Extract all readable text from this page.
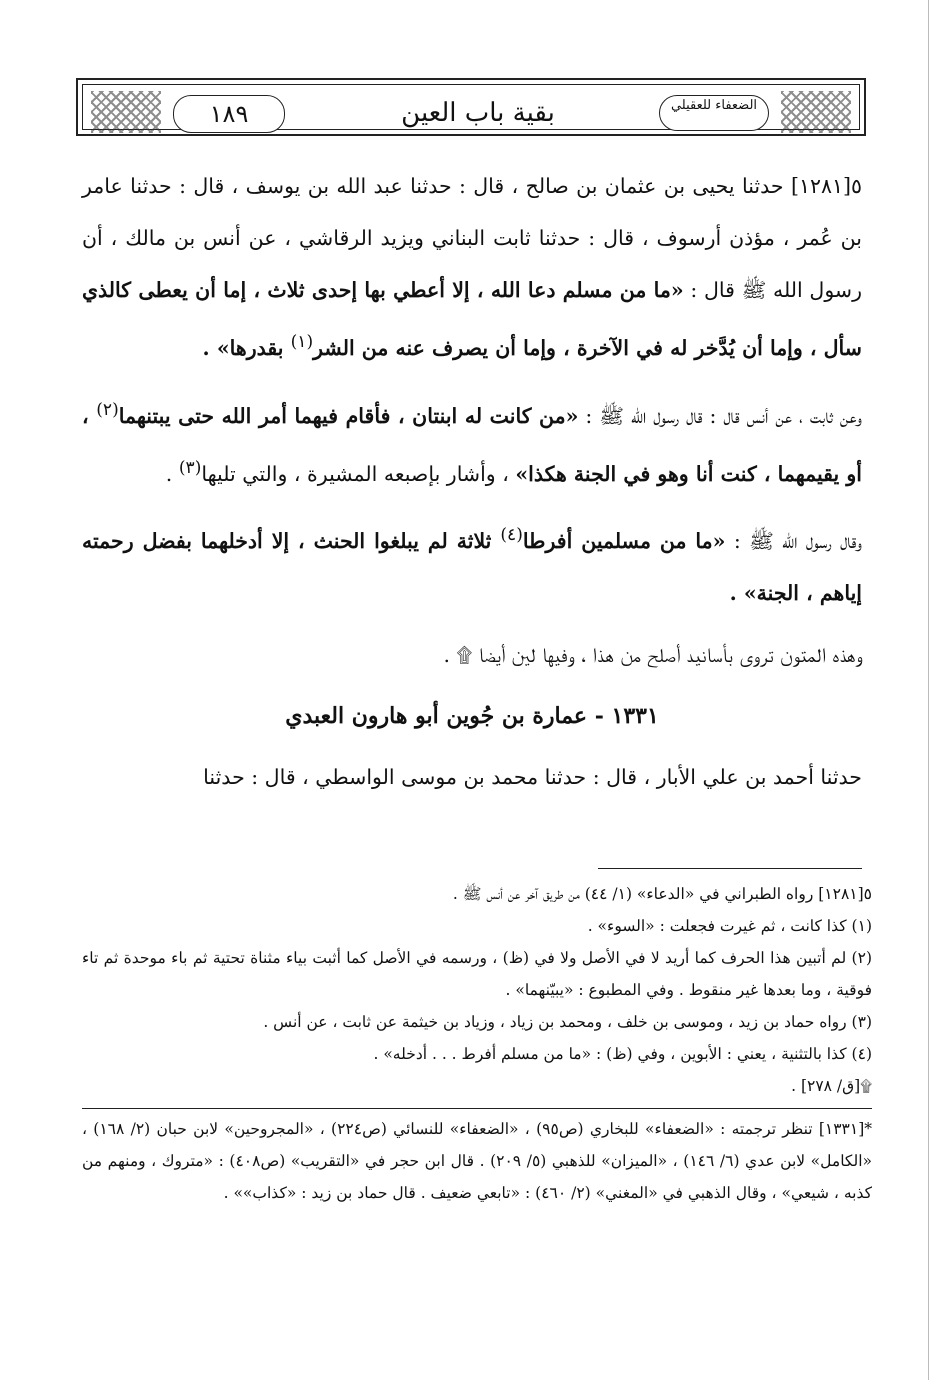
١٨٩	بقية باب العين	الضعفاء للعقيلي

٥[١٢٨١] حدثنا يحيى بن عثمان بن صالح ، قال : حدثنا عبد الله بن يوسف ، قال : حدثنا عامر بن عُمر ، مؤذن أرسوف ، قال : حدثنا ثابت البناني ويزيد الرقاشي ، عن أنس بن مالك ، أن رسول الله ﷺ قال : «ما من مسلم دعا الله ، إلا أعطي بها إحدى ثلاث ، إما أن يعطى كالذي سأل ، وإما أن يُدَّخر له في الآخرة ، وإما أن يصرف عنه من الشر$^{(١)}$ بقدرها» .

وعن ثابت ، عن أنس قال : قال رسول الله ﷺ : «من كانت له ابنتان ، فأقام فيهما أمر الله حتى يبتنهما$^{(٢)}$ ، أو يقيمهما ، كنت أنا وهو في الجنة هكذا» ، وأشار بإصبعه المشيرة ، والتي تليها$^{(٣)}$ .

وقال رسول الله ﷺ : «ما من مسلمين أفرطا$^{(٤)}$ ثلاثة لم يبلغوا الحنث ، إلا أدخلهما بفضل رحمته إياهم ، الجنة» .

وهذه المتون تروى بأسانيد أصلح من هذا ، وفيها لين أيضا ۩ .

١٣٣١ - عمارة بن جُوين أبو هارون العبدي

حدثنا أحمد بن علي الأبار ، قال : حدثنا محمد بن موسى الواسطي ، قال : حدثنا

٥[١٢٨١] رواه الطبراني في «الدعاء» (١/ ٤٤) من طريق آخر عن أنس ﷺ .

(١) كذا كانت ، ثم غيرت فجعلت : «السوء» .

(٢) لم أتبين هذا الحرف كما أريد لا في الأصل ولا في (ظ) ، ورسمه في الأصل كما أثبت بياء مثناة تحتية ثم باء موحدة ثم تاء فوقية ، وما بعدها غير منقوط . وفي المطبوع : «يبيّنهما» .

(٣) رواه حماد بن زيد ، وموسى بن خلف ، ومحمد بن زياد ، وزياد بن خيثمة عن ثابت ، عن أنس .

(٤) كذا بالتثنية ، يعني : الأبوين ، وفي (ظ) : «ما من مسلم أفرط . . . أدخله» .

۩[ق/ ٢٧٨] .

*[١٣٣١] تنظر ترجمته : «الضعفاء» للبخاري (ص٩٥) ، «الضعفاء» للنسائي (ص٢٢٤) ، «المجروحين» لابن حبان (٢/ ١٦٨) ، «الكامل» لابن عدي (٦/ ١٤٦) ، «الميزان» للذهبي (٥/ ٢٠٩) . قال ابن حجر في «التقريب» (ص٤٠٨) : «متروك ، ومنهم من كذبه ، شيعي» ، وقال الذهبي في «المغني» (٢/ ٤٦٠) : «تابعي ضعيف . قال حماد بن زيد : «كذاب»» .
